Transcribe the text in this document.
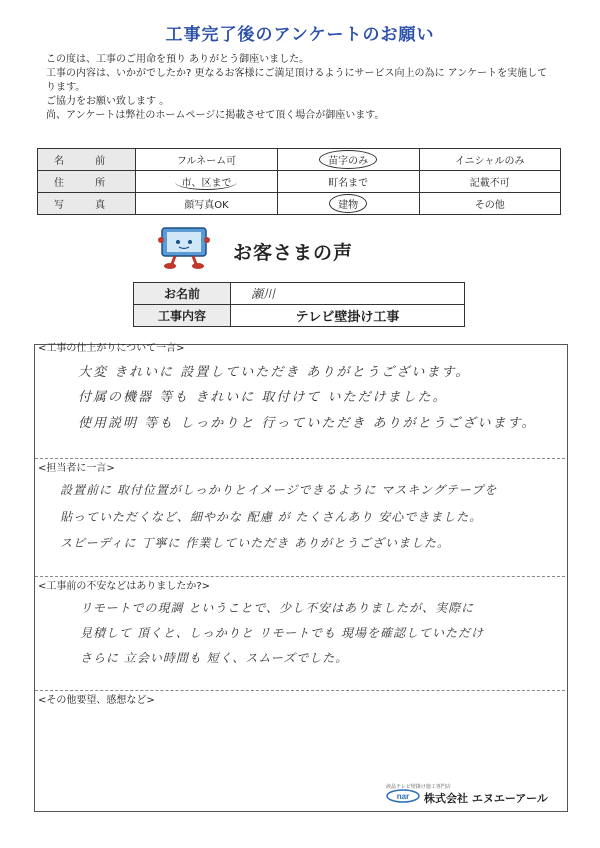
工事完了後のアンケートのお願い
この度は、工事のご用命を預り ありがとう御座いました。
工事の内容は、いかがでしたか? 更なるお客様にご満足頂けるようにサービス向上の為に アンケートを実施して
ります。
ご協力をお願い致します 。
尚、アンケートは弊社のホームページに掲載させて頂く場合が御座います。
名 前	フルネーム可	苗字のみ	イニシャルのみ
住 所	市、区まで	町名まで	記載不可
写 真	顔写真OK	建物	その他
お客さまの声
お名前	瀬川
工事内容	テレビ壁掛け工事
<工事の仕上がりについて一言>
大変 きれいに 設置していただき ありがとうございます。
付属の機器 等も きれいに 取付けて いただけました。
使用説明 等も しっかりと 行っていただき ありがとうございます。
<担当者に一言>
設置前に 取付位置がしっかりとイメージできるように マスキングテープを
貼っていただくなど、細やかな 配慮 が たくさんあり 安心できました。
スピーディに 丁寧に 作業していただき ありがとうございました。
<工事前の不安などはありましたか?>
リモートでの現調 ということで、少し不安はありましたが、実際に
見積して 頂くと、しっかりと リモートでも 現場を確認していただけ
さらに 立会い時間も 短く、スムーズでした。
<その他要望、感想など>
液晶テレビ壁掛け施工専門店
nar 株式会社 エヌエーアール
